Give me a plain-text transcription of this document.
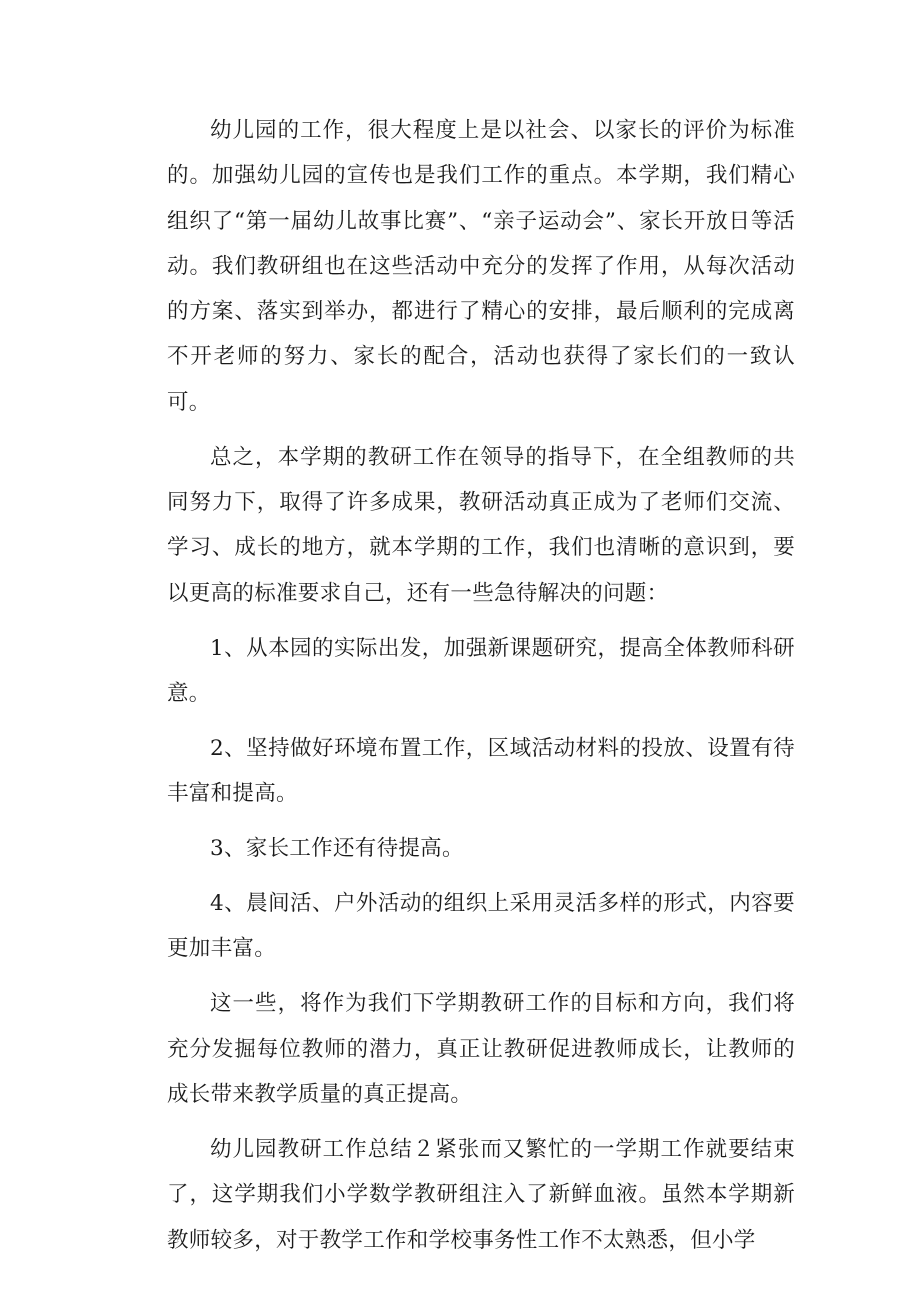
幼儿园的工作，很大程度上是以社会、以家长的评价为标准的。加强幼儿园的宣传也是我们工作的重点。本学期，我们精心组织了“第一届幼儿故事比赛”、“亲子运动会”、家长开放日等活动。我们教研组也在这些活动中充分的发挥了作用，从每次活动的方案、落实到举办，都进行了精心的安排，最后顺利的完成离不开老师的努力、家长的配合，活动也获得了家长们的一致认可。

总之，本学期的教研工作在领导的指导下，在全组教师的共同努力下，取得了许多成果，教研活动真正成为了老师们交流、学习、成长的地方，就本学期的工作，我们也清晰的意识到，要以更高的标准要求自己，还有一些急待解决的问题：

1、从本园的实际出发，加强新课题研究，提高全体教师科研意。

2、坚持做好环境布置工作，区域活动材料的投放、设置有待丰富和提高。

3、家长工作还有待提高。

4、晨间活、户外活动的组织上采用灵活多样的形式，内容要更加丰富。

这一些，将作为我们下学期教研工作的目标和方向，我们将充分发掘每位教师的潜力，真正让教研促进教师成长，让教师的成长带来教学质量的真正提高。

幼儿园教研工作总结２紧张而又繁忙的一学期工作就要结束了，这学期我们小学数学教研组注入了新鲜血液。虽然本学期新教师较多，对于教学工作和学校事务性工作不太熟悉，但小学
